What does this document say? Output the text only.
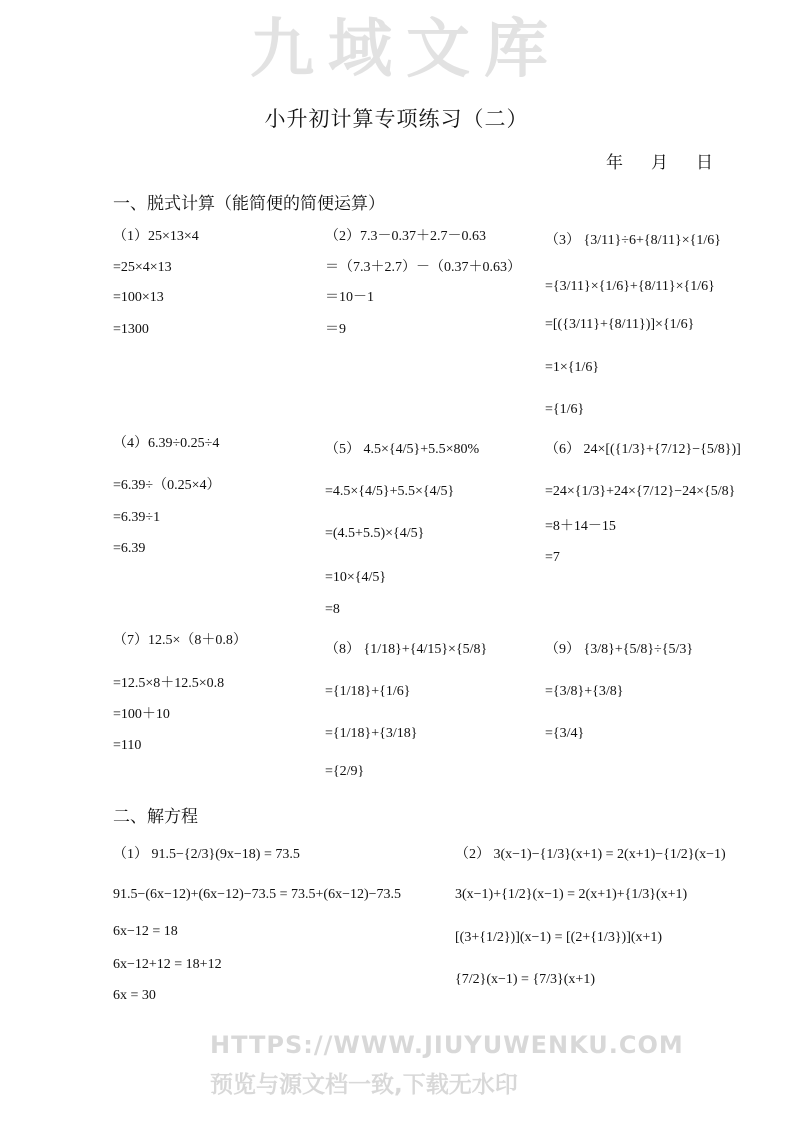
九域文库
HTTPS://WWW.JIUYUWENKU.COM
预览与源文档一致,下载无水印
小升初计算专项练习（二）
年 月 日
一、脱式计算（能简便的简便运算）
二、解方程
（1）25×13×4
=25×4×13
=100×13
=1300
（2）7.3－0.37＋2.7－0.63
＝（7.3＋2.7）－（0.37＋0.63）
＝10－1
＝9
（3） {3/11}÷6+{8/11}×{1/6}
={3/11}×{1/6}+{8/11}×{1/6}
=[({3/11}+{8/11})]×{1/6}
=1×{1/6}
={1/6}
（4）6.39÷0.25÷4
=6.39÷（0.25×4）
=6.39÷1
=6.39
（5） 4.5×{4/5}+5.5×80%
=4.5×{4/5}+5.5×{4/5}
=(4.5+5.5)×{4/5}
=10×{4/5}
=8
（6） 24×[({1/3}+{7/12}−{5/8})]
=24×{1/3}+24×{7/12}−24×{5/8}
=8＋14－15
=7
（7）12.5×（8＋0.8）
=12.5×8＋12.5×0.8
=100＋10
=110
（8） {1/18}+{4/15}×{5/8}
={1/18}+{1/6}
={1/18}+{3/18}
={2/9}
（9） {3/8}+{5/8}÷{5/3}
={3/8}+{3/8}
={3/4}
（1） 91.5−{2/3}(9x−18) = 73.5
91.5−(6x−12)+(6x−12)−73.5 = 73.5+(6x−12)−73.5
6x−12 = 18
6x−12+12 = 18+12
6x = 30
（2） 3(x−1)−{1/3}(x+1) = 2(x+1)−{1/2}(x−1)
3(x−1)+{1/2}(x−1) = 2(x+1)+{1/3}(x+1)
[(3+{1/2})](x−1) = [(2+{1/3})](x+1)
{7/2}(x−1) = {7/3}(x+1)
